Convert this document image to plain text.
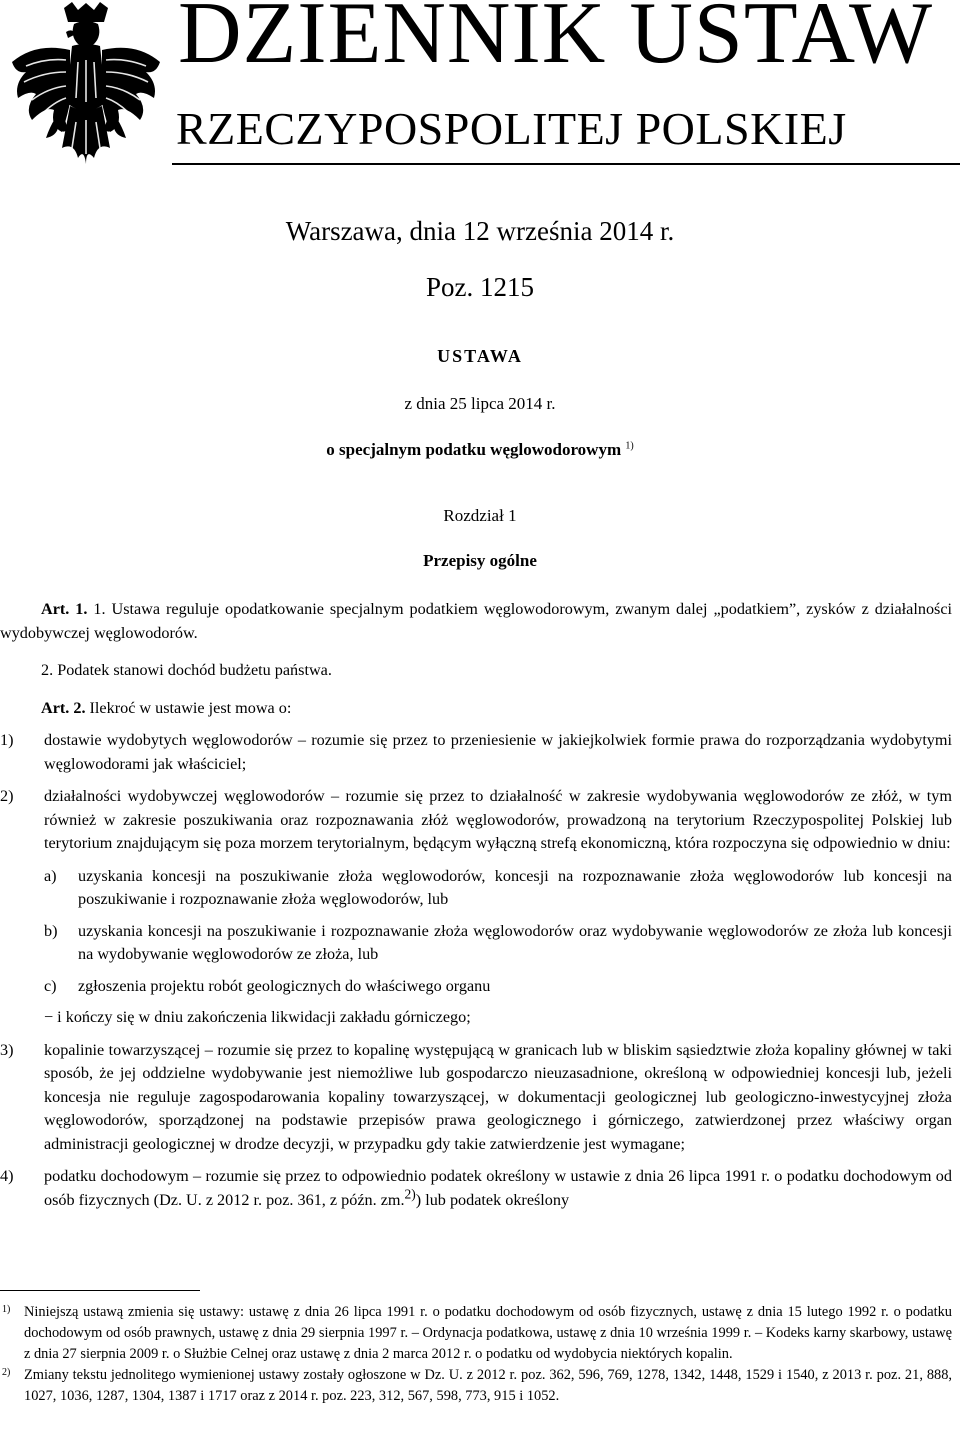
DZIENNIK USTAW
RZECZYPOSPOLITEJ POLSKIEJ
Warszawa, dnia 12 września 2014 r.
Poz. 1215
USTAWA
z dnia 25 lipca 2014 r.
o specjalnym podatku węglowodorowym $^{1)}$
Rozdział 1
Przepisy ogólne

Art. 1. 1. Ustawa reguluje opodatkowanie specjalnym podatkiem węglowodorowym, zwanym dalej „podatkiem”, zysków z działalności wydobywczej węglowodorów.

2. Podatek stanowi dochód budżetu państwa.

Art. 2. Ilekroć w ustawie jest mowa o:

1) dostawie wydobytych węglowodorów – rozumie się przez to przeniesienie w jakiejkolwiek formie prawa do rozporządzania wydobytymi węglowodorami jak właściciel;
2) działalności wydobywczej węglowodorów – rozumie się przez to działalność w zakresie wydobywania węglowodorów ze złóż, w tym również w zakresie poszukiwania oraz rozpoznawania złóż węglowodorów, prowadzoną na terytorium Rzeczypospolitej Polskiej lub terytorium znajdującym się poza morzem terytorialnym, będącym wyłączną strefą ekonomiczną, która rozpoczyna się odpowiednio w dniu:
a) uzyskania koncesji na poszukiwanie złoża węglowodorów, koncesji na rozpoznawanie złoża węglowodorów lub koncesji na poszukiwanie i rozpoznawanie złoża węglowodorów, lub
b) uzyskania koncesji na poszukiwanie i rozpoznawanie złoża węglowodorów oraz wydobywanie węglowodorów ze złoża lub koncesji na wydobywanie węglowodorów ze złoża, lub
c) zgłoszenia projektu robót geologicznych do właściwego organu
− i kończy się w dniu zakończenia likwidacji zakładu górniczego;
3) kopalinie towarzyszącej – rozumie się przez to kopalinę występującą w granicach lub w bliskim sąsiedztwie złoża kopaliny głównej w taki sposób, że jej oddzielne wydobywanie jest niemożliwe lub gospodarczo nieuzasadnione, określoną w odpowiedniej koncesji lub, jeżeli koncesja nie reguluje zagospodarowania kopaliny towarzyszącej, w dokumentacji geologicznej lub geologiczno-inwestycyjnej złoża węglowodorów, sporządzonej na podstawie przepisów prawa geologicznego i górniczego, zatwierdzonej przez właściwy organ administracji geologicznej w drodze decyzji, w przypadku gdy takie zatwierdzenie jest wymagane;
4) podatku dochodowym – rozumie się przez to odpowiednio podatek określony w ustawie z dnia 26 lipca 1991 r. o podatku dochodowym od osób fizycznych (Dz. U. z 2012 r. poz. 361, z późn. zm.$^{2)}$) lub podatek określony
1) Niniejszą ustawą zmienia się ustawy: ustawę z dnia 26 lipca 1991 r. o podatku dochodowym od osób fizycznych, ustawę z dnia 15 lutego 1992 r. o podatku dochodowym od osób prawnych, ustawę z dnia 29 sierpnia 1997 r. – Ordynacja podatkowa, ustawę z dnia 10 września 1999 r. – Kodeks karny skarbowy, ustawę z dnia 27 sierpnia 2009 r. o Służbie Celnej oraz ustawę z dnia 2 marca 2012 r. o podatku od wydobycia niektórych kopalin.
2) Zmiany tekstu jednolitego wymienionej ustawy zostały ogłoszone w Dz. U. z 2012 r. poz. 362, 596, 769, 1278, 1342, 1448, 1529 i 1540, z 2013 r. poz. 21, 888, 1027, 1036, 1287, 1304, 1387 i 1717 oraz z 2014 r. poz. 223, 312, 567, 598, 773, 915 i 1052.
